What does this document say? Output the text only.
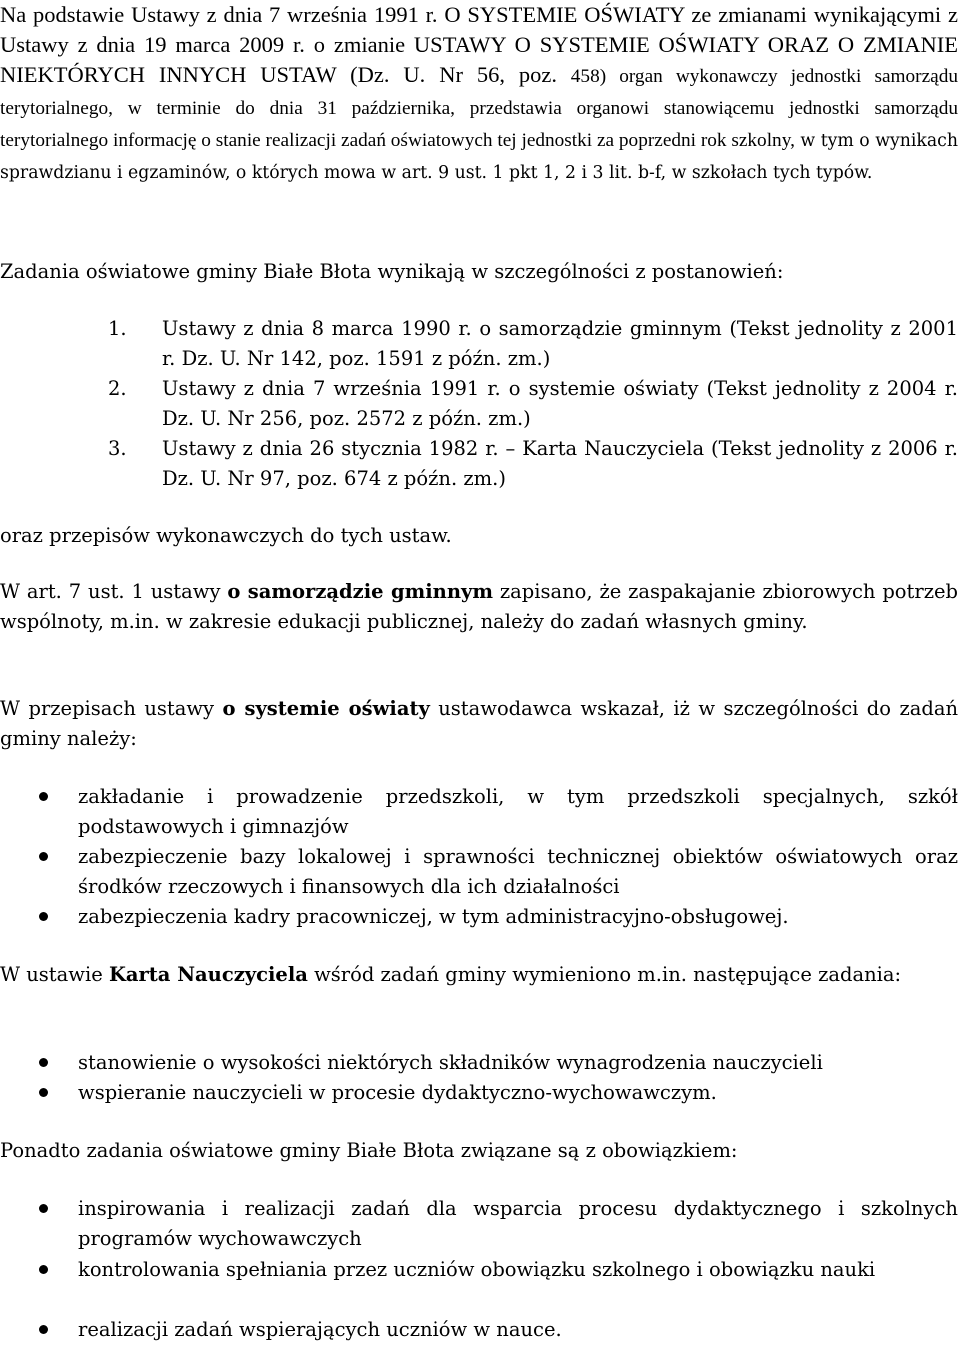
Na podstawie Ustawy z dnia 7 września 1991 r. O SYSTEMIE OŚWIATY ze zmianami wynikającymi z Ustawy z dnia 19 marca 2009 r. o zmianie USTAWY O SYSTEMIE OŚWIATY ORAZ O ZMIANIE NIEKTÓRYCH INNYCH USTAW (Dz. U. Nr 56, poz. 458) organ wykonawczy jednostki samorządu terytorialnego, w terminie do dnia 31 października, przedstawia organowi stanowiącemu jednostki samorządu terytorialnego informację o stanie realizacji zadań oświatowych tej jednostki za poprzedni rok szkolny, w tym o wynikach sprawdzianu i egzaminów, o których mowa w art. 9 ust. 1 pkt 1, 2 i 3 lit. b-f, w szkołach tych typów.
Zadania oświatowe gminy Białe Błota wynikają w szczególności z postanowień:
1. Ustawy z dnia 8 marca 1990 r. o samorządzie gminnym (Tekst jednolity z 2001 r. Dz. U. Nr 142, poz. 1591 z późn. zm.)
2. Ustawy z dnia 7 września 1991 r. o systemie oświaty (Tekst jednolity z 2004 r. Dz. U. Nr 256, poz. 2572 z późn. zm.)
3. Ustawy z dnia 26 stycznia 1982 r. – Karta Nauczyciela (Tekst jednolity z 2006 r. Dz. U. Nr 97, poz. 674 z późn. zm.)
oraz przepisów wykonawczych do tych ustaw.
W art. 7 ust. 1 ustawy o samorządzie gminnym zapisano, że zaspakajanie zbiorowych potrzeb wspólnoty, m.in. w zakresie edukacji publicznej, należy do zadań własnych gminy.
W przepisach ustawy o systemie oświaty ustawodawca wskazał, iż w szczególności do zadań gminy należy:
zakładanie i prowadzenie przedszkoli, w tym przedszkoli specjalnych, szkół podstawowych i gimnazjów
zabezpieczenie bazy lokalowej i sprawności technicznej obiektów oświatowych oraz środków rzeczowych i finansowych dla ich działalności
zabezpieczenia kadry pracowniczej, w tym administracyjno-obsługowej.
W ustawie Karta Nauczyciela wśród zadań gminy wymieniono m.in. następujące zadania:
stanowienie o wysokości niektórych składników wynagrodzenia nauczycieli
wspieranie nauczycieli w procesie dydaktyczno-wychowawczym.
Ponadto zadania oświatowe gminy Białe Błota związane są z obowiązkiem:
inspirowania i realizacji zadań dla wsparcia procesu dydaktycznego i szkolnych programów wychowawczych
kontrolowania spełniania przez uczniów obowiązku szkolnego i obowiązku nauki
realizacji zadań wspierających uczniów w nauce.
